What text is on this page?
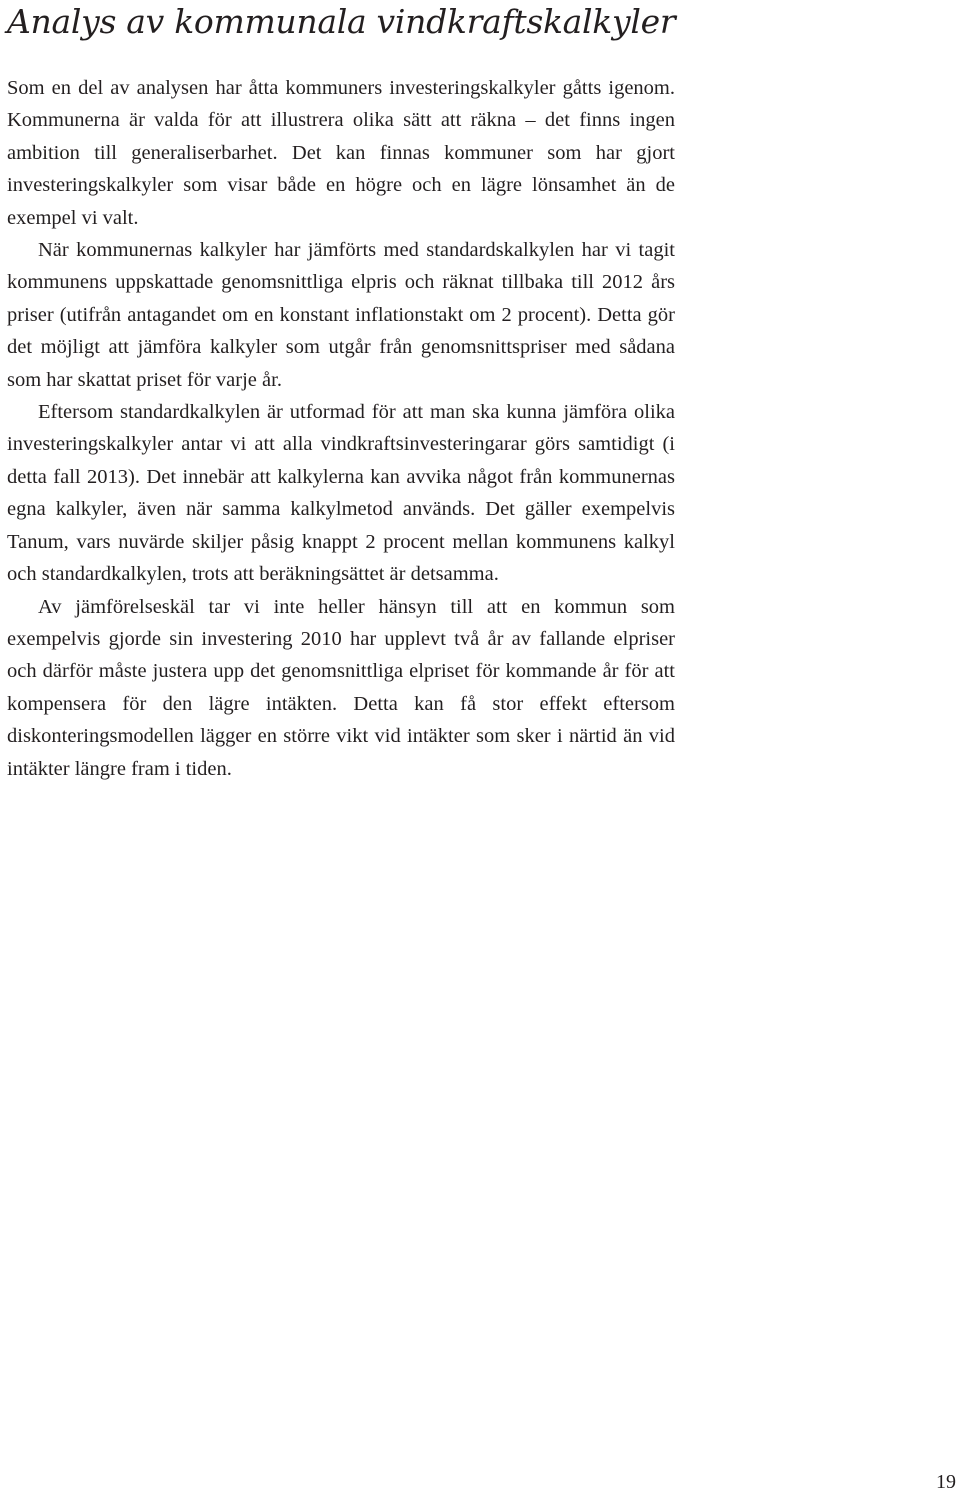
Analys av kommunala vindkraftskalkyler

Som en del av analysen har åtta kommuners investeringskalkyler gåtts igenom. Kommunerna är valda för att illustrera olika sätt att räkna – det finns ingen ambition till generaliserbarhet. Det kan finnas kommuner som har gjort investeringskalkyler som visar både en högre och en lägre lönsamhet än de exempel vi valt.

När kommunernas kalkyler har jämförts med standardskalkylen har vi tagit kommunens uppskattade genomsnittliga elpris och räknat tillbaka till 2012 års priser (utifrån antagandet om en konstant inflationstakt om 2 procent). Detta gör det möjligt att jämföra kalkyler som utgår från genomsnittspriser med sådana som har skattat priset för varje år.

Eftersom standardkalkylen är utformad för att man ska kunna jämföra olika investeringskalkyler antar vi att alla vindkraftsinvesteringarar görs samtidigt (i detta fall 2013). Det innebär att kalkylerna kan avvika något från kommunernas egna kalkyler, även när samma kalkylmetod används. Det gäller exempelvis Tanum, vars nuvärde skiljer påsig knappt 2 procent mellan kommunens kalkyl och standardkalkylen, trots att beräkningsättet är detsamma.

Av jämförelseskäl tar vi inte heller hänsyn till att en kommun som exempelvis gjorde sin investering 2010 har upplevt två år av fallande elpriser och därför måste justera upp det genomsnittliga elpriset för kommande år för att kompensera för den lägre intäkten. Detta kan få stor effekt eftersom diskonteringsmodellen lägger en större vikt vid intäkter som sker i närtid än vid intäkter längre fram i tiden.

19
